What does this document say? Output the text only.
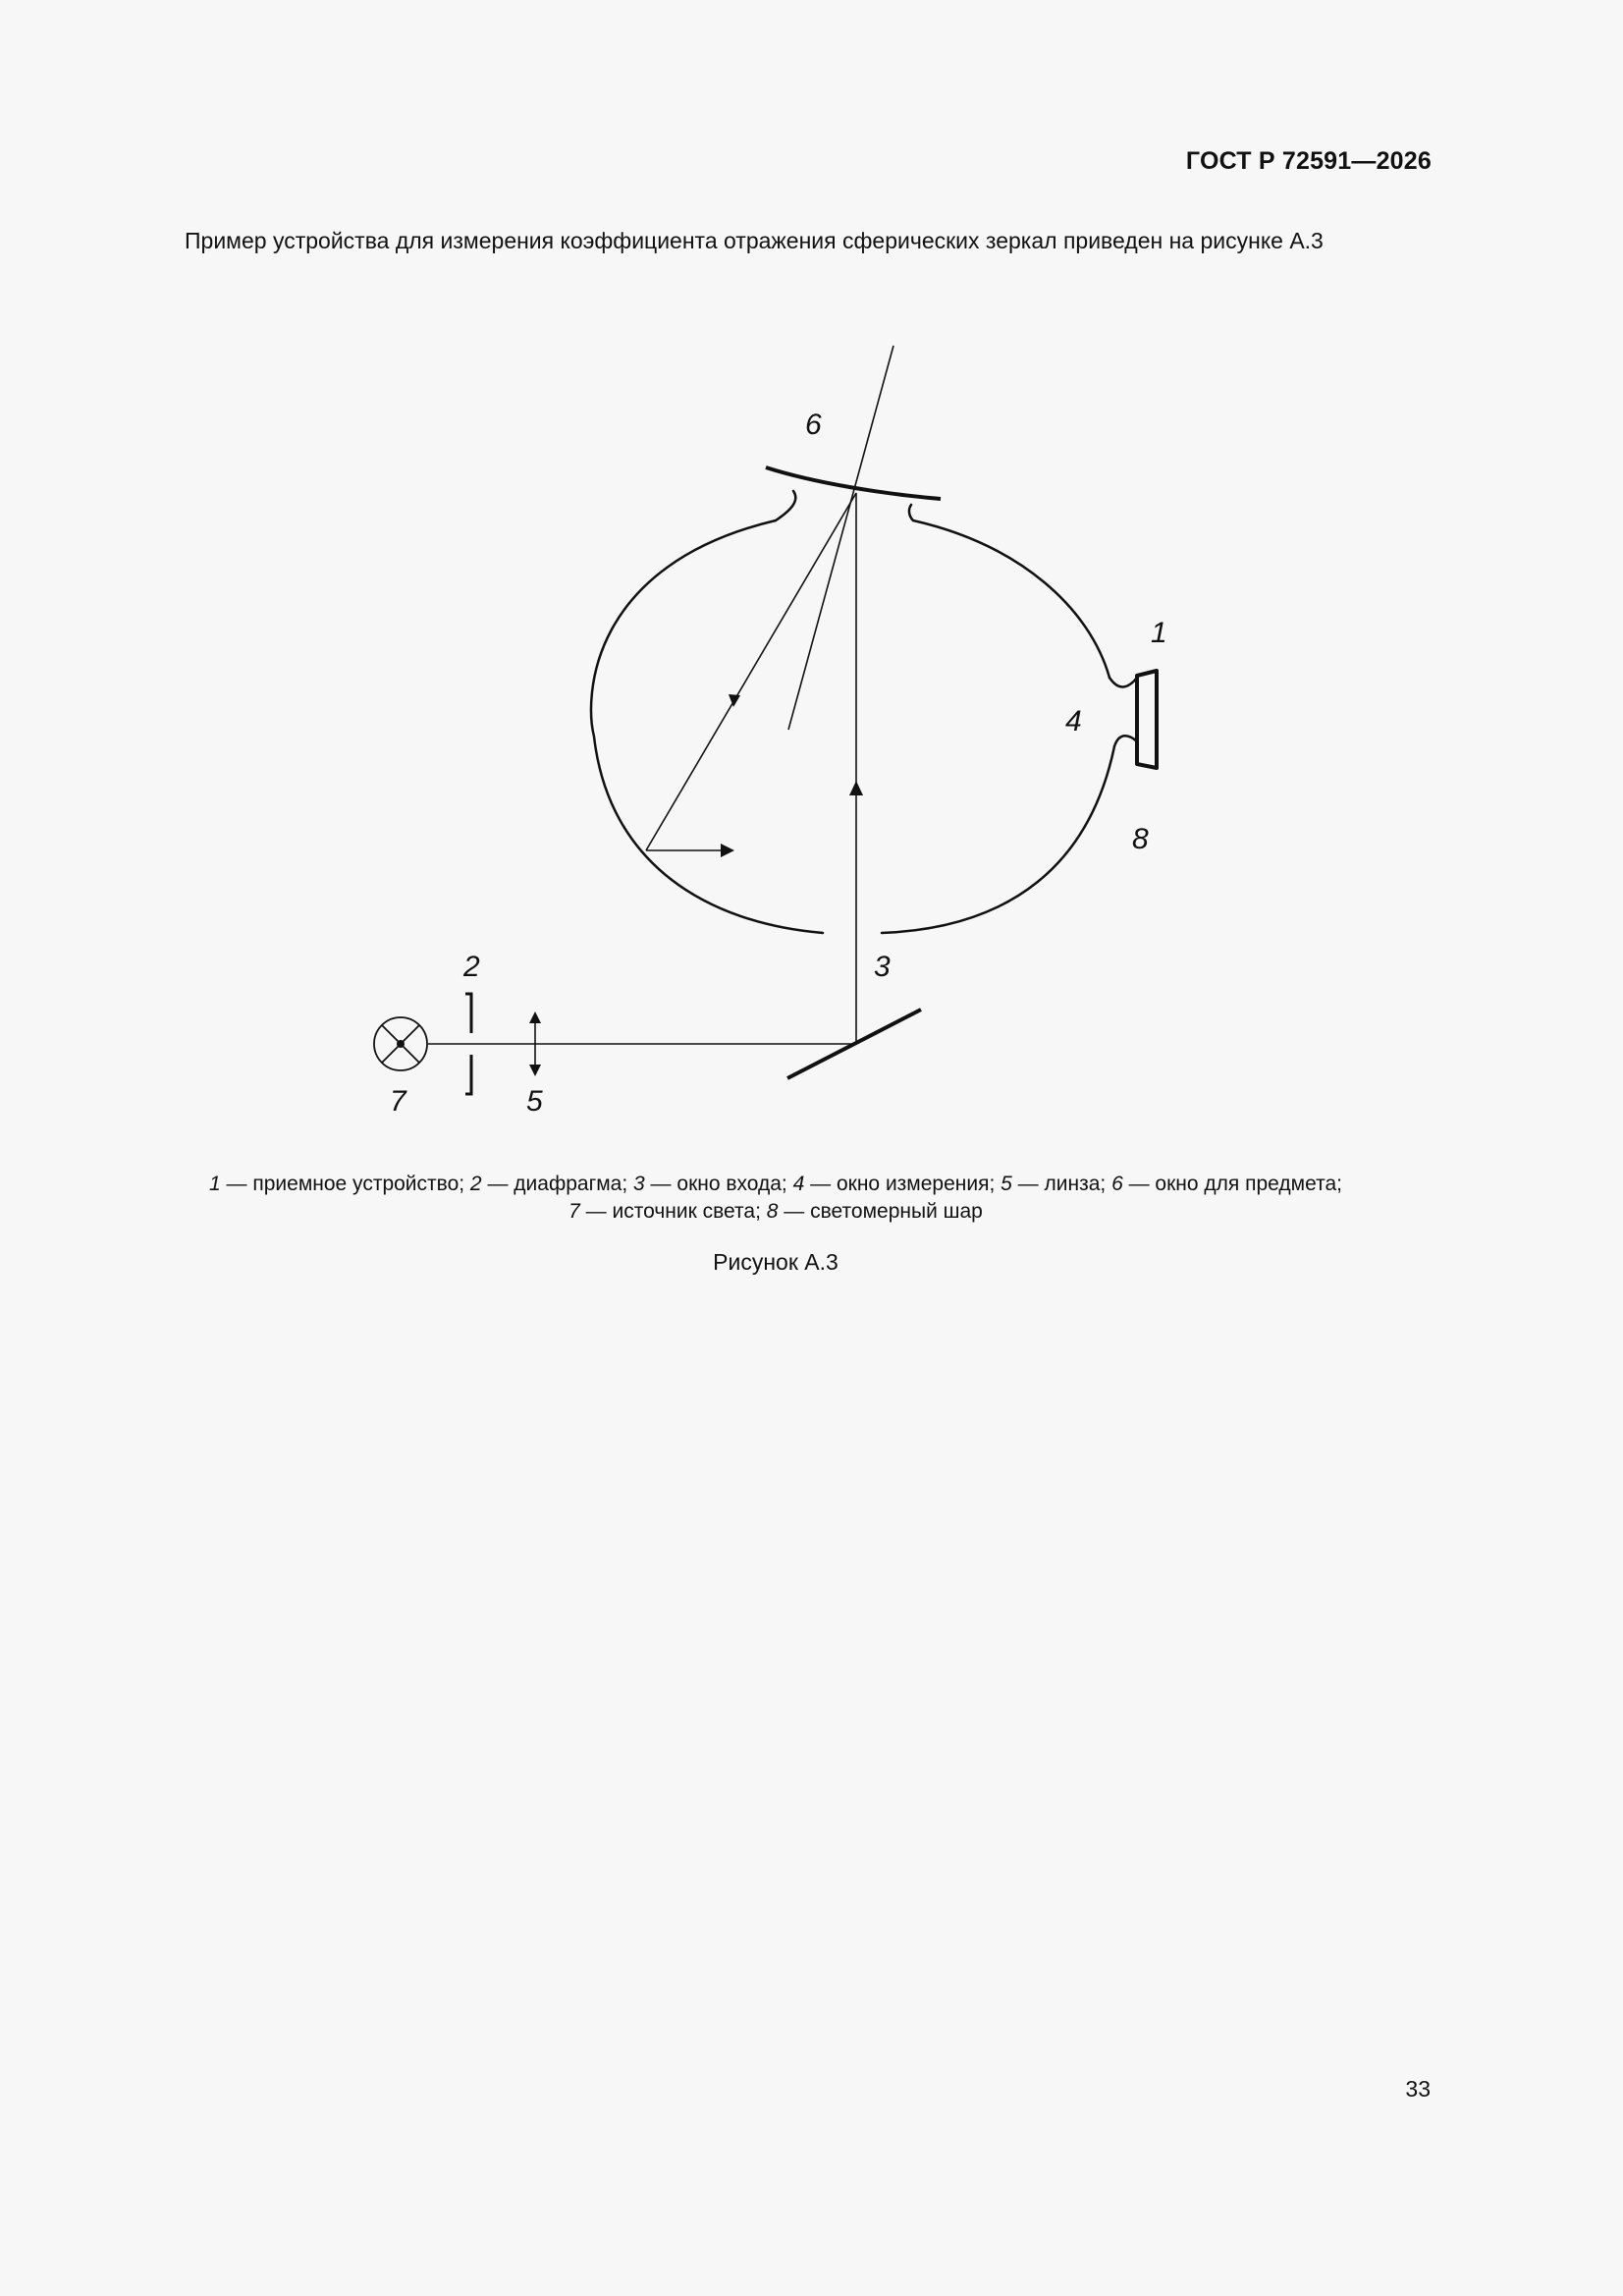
ГОСТ Р 72591—2026
Пример устройства для измерения коэффициента отражения сферических зеркал приведен на рисунке А.3
6
1
4
8
2	3
7	5
1 — приемное устройство; 2 — диафрагма; 3 — окно входа; 4 — окно измерения; 5 — линза; 6 — окно для предмета;
7 — источник света; 8 — светомерный шар
Рисунок А.3
33
